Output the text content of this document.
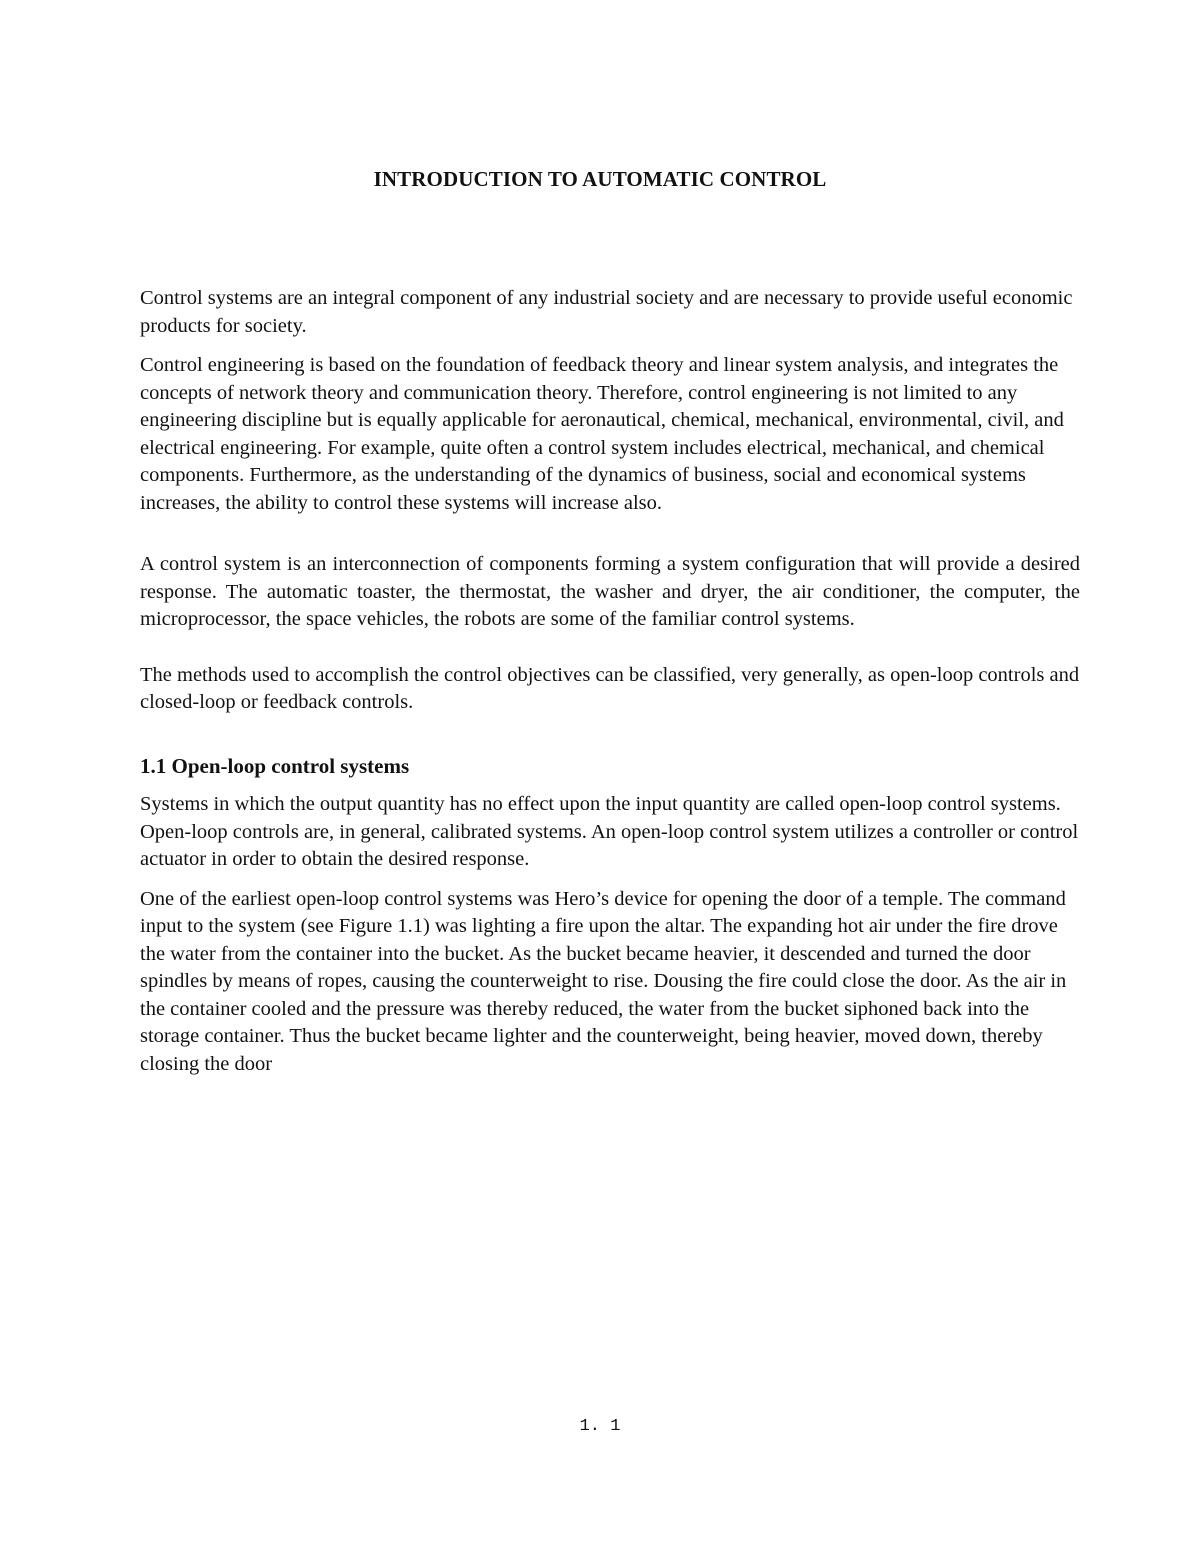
INTRODUCTION TO AUTOMATIC CONTROL

Control systems are an integral component of any industrial society and are necessary to provide useful economic products for society.

Control engineering is based on the foundation of feedback theory and linear system analysis, and integrates the concepts of network theory and communication theory. Therefore, control engineering is not limited to any engineering discipline but is equally applicable for aeronautical, chemical, mechanical, environmental, civil, and electrical engineering. For example, quite often a control system includes electrical, mechanical, and chemical components. Furthermore, as the understanding of the dynamics of business, social and economical systems increases, the ability to control these systems will increase also.

A control system is an interconnection of components forming a system configuration that will provide a desired response. The automatic toaster, the thermostat, the washer and dryer, the air conditioner, the computer, the microprocessor, the space vehicles, the robots are some of the familiar control systems.

The methods used to accomplish the control objectives can be classified, very generally, as open-loop controls and closed-loop or feedback controls.

1.1 Open-loop control systems

Systems in which the output quantity has no effect upon the input quantity are called open-loop control systems. Open-loop controls are, in general, calibrated systems. An open-loop control system utilizes a controller or control actuator in order to obtain the desired response.

One of the earliest open-loop control systems was Hero’s device for opening the door of a temple. The command input to the system (see Figure 1.1) was lighting a fire upon the altar. The expanding hot air under the fire drove the water from the container into the bucket. As the bucket became heavier, it descended and turned the door spindles by means of ropes, causing the counterweight to rise. Dousing the fire could close the door. As the air in the container cooled and the pressure was thereby reduced, the water from the bucket siphoned back into the storage container. Thus the bucket became lighter and the counterweight, being heavier, moved down, thereby closing the door

1. 1
